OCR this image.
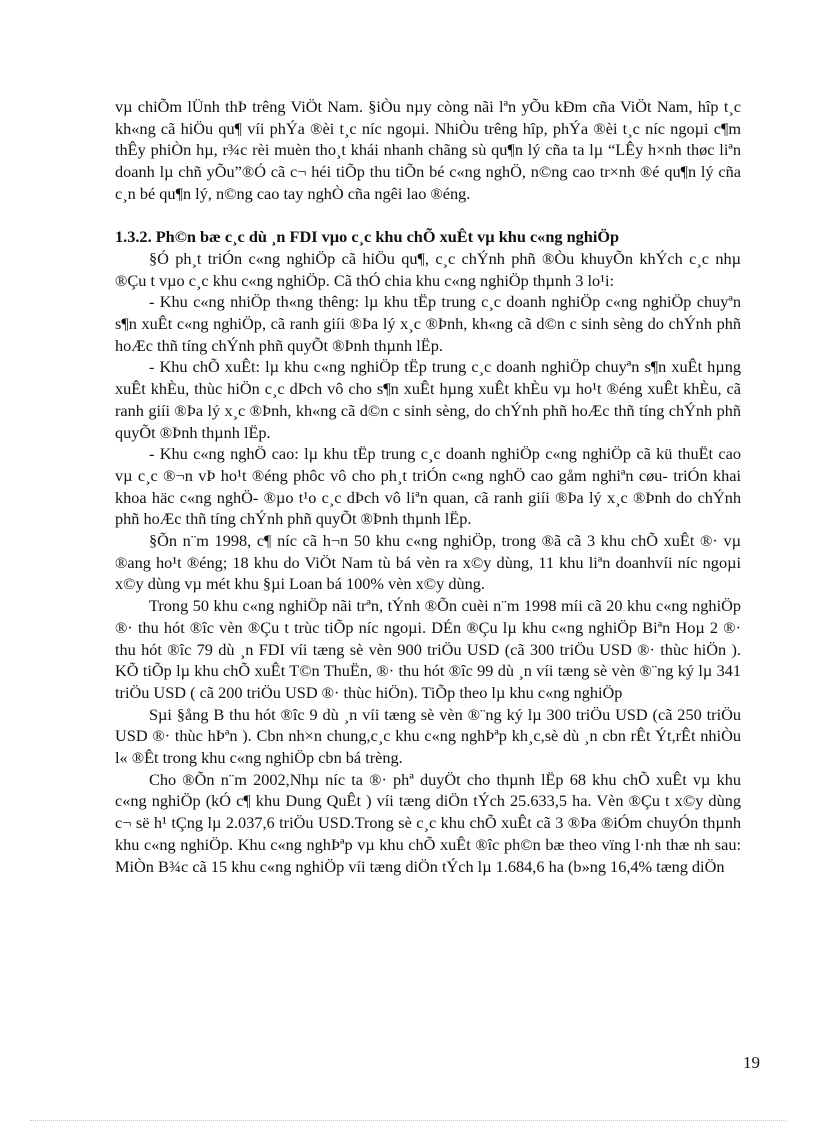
vµ chiÕm lÜnh thÞ trêng ViÖt Nam. §iÒu nµy còng nãi lªn yÕu kÐm cña ViÖt Nam, hîp t¸c kh«ng cã hiÖu qu¶ víi phÝa ®èi t¸c níc ngoµi. NhiÒu trêng hîp, phÝa ®èi t¸c níc ngoµi c¶m thÊy phiÒn hµ, r¾c rèi muèn tho¸t khái nhanh chãng sù qu¶n lý cña ta lµ “LÊy h×nh thøc liªn doanh lµ chñ yÕu”®Ó cã c¬ héi tiÕp thu tiÕn bé c«ng nghÖ, n©ng cao tr×nh ®é qu¶n lý cña c¸n bé qu¶n lý, n©ng cao tay nghÒ cña ngêi lao ®éng.

1.3.2. Ph©n bæ c¸c dù ¸n FDI vµo c¸c khu chÕ xuÊt vµ khu c«ng nghiÖp

§Ó ph¸t triÓn c«ng nghiÖp cã hiÖu qu¶, c¸c chÝnh phñ ®Òu khuyÕn khÝch c¸c nhµ ®Çu t vµo c¸c khu c«ng nghiÖp. Cã thÓ chia khu c«ng nghiÖp thµnh 3 lo¹i:

- Khu c«ng nhiÖp th«ng thêng: lµ khu tËp trung c¸c doanh nghiÖp c«ng nghiÖp chuyªn s¶n xuÊt c«ng nghiÖp, cã ranh giíi ®Þa lý x¸c ®Þnh, kh«ng cã d©n c sinh sèng do chÝnh phñ hoÆc thñ tíng chÝnh phñ quyÕt ®Þnh thµnh lËp.

- Khu chÕ xuÊt: lµ khu c«ng nghiÖp tËp trung c¸c doanh nghiÖp chuyªn s¶n xuÊt hµng xuÊt khÈu, thùc hiÖn c¸c dÞch vô cho s¶n xuÊt hµng xuÊt khÈu vµ ho¹t ®éng xuÊt khÈu, cã ranh giíi ®Þa lý x¸c ®Þnh, kh«ng cã d©n c sinh sèng, do chÝnh phñ hoÆc thñ tíng chÝnh phñ quyÕt ®Þnh thµnh lËp.

- Khu c«ng nghÖ cao: lµ khu tËp trung c¸c doanh nghiÖp c«ng nghiÖp cã kü thuËt cao vµ c¸c ®¬n vÞ ho¹t ®éng phôc vô cho ph¸t triÓn c«ng nghÖ cao gåm nghiªn cøu- triÓn khai khoa häc c«ng nghÖ- ®µo t¹o c¸c dÞch vô liªn quan, cã ranh giíi ®Þa lý x¸c ®Þnh do chÝnh phñ hoÆc thñ tíng chÝnh phñ quyÕt ®Þnh thµnh lËp.

§Õn n¨m 1998, c¶ níc cã h¬n 50 khu c«ng nghiÖp, trong ®ã cã 3 khu chÕ xuÊt ®· vµ ®ang ho¹t ®éng; 18 khu do ViÖt Nam tù bá vèn ra x©y dùng, 11 khu liªn doanhvíi níc ngoµi x©y dùng vµ mét khu §µi Loan bá 100% vèn x©y dùng.

Trong 50 khu c«ng nghiÖp nãi trªn, tÝnh ®Õn cuèi n¨m 1998 míi cã 20 khu c«ng nghiÖp ®· thu hót ®îc vèn ®Çu t trùc tiÕp níc ngoµi. DÉn ®Çu lµ khu c«ng nghiÖp Biªn Hoµ 2 ®· thu hót ®îc 79 dù ¸n FDI víi tæng sè vèn 900 triÖu USD (cã 300 triÖu USD ®· thùc hiÖn ). KÕ tiÕp lµ khu chÕ xuÊt T©n ThuËn, ®· thu hót ®îc 99 dù ¸n víi tæng sè vèn ®¨ng ký lµ 341 triÖu USD ( cã 200 triÖu USD ®· thùc hiÖn). TiÕp theo lµ khu c«ng nghiÖp

Sµi §ång B thu hót ®îc 9 dù ¸n víi tæng sè vèn ®¨ng ký lµ 300 triÖu USD (cã 250 triÖu USD ®· thùc hÞªn ). Cbn nh×n chung,c¸c khu c«ng nghÞªp kh¸c,sè dù ¸n cbn rÊt Ýt,rÊt nhiÒu l« ®Êt trong khu c«ng nghiÖp cbn bá trèng.

Cho ®Õn n¨m 2002,Nhµ níc ta ®· phª duyÖt cho thµnh lËp 68 khu chÕ xuÊt vµ khu c«ng nghiÖp (kÓ c¶ khu Dung QuÊt ) víi tæng diÖn tÝch 25.633,5 ha. Vèn ®Çu t x©y dùng c¬ së h¹ tÇng lµ 2.037,6 triÖu USD.Trong sè c¸c khu chÕ xuÊt cã 3 ®Þa ®iÓm chuyÓn thµnh khu c«ng nghiÖp. Khu c«ng nghÞªp vµ khu chÕ xuÊt ®îc ph©n bæ theo vïng l·nh thæ nh sau: MiÒn B¾c cã 15 khu c«ng nghiÖp víi tæng diÖn tÝch lµ 1.684,6 ha (b»ng 16,4% tæng diÖn

19
